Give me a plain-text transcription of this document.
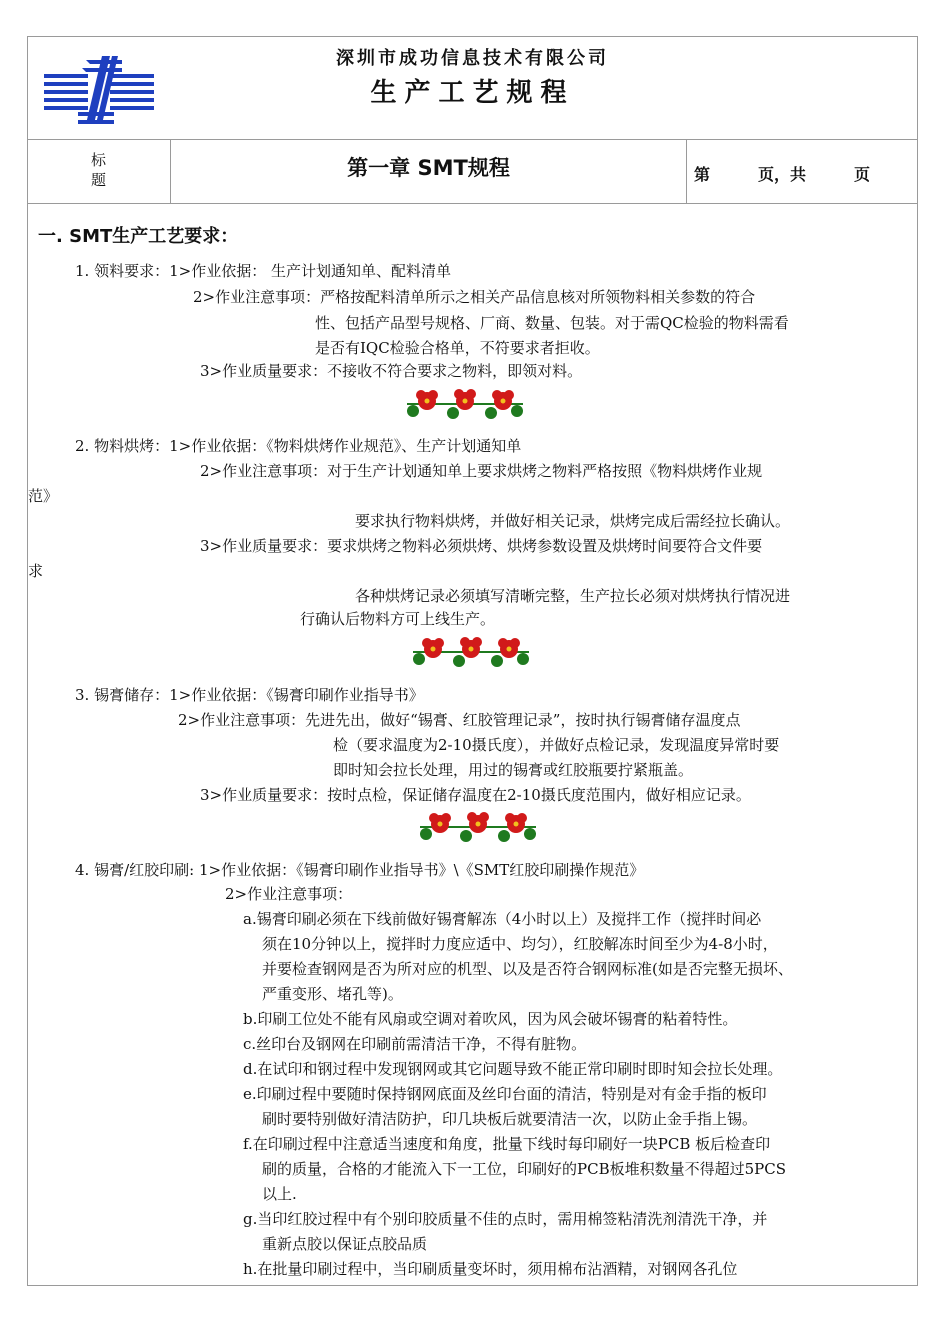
深圳市成功信息技术有限公司
生产工艺规程
标
题	第一章 SMT规程	第　　　页，共　　　页
一. SMT生产工艺要求：
1. 领料要求：1>作业依据： 生产计划通知单、配料清单
2>作业注意事项：严格按配料清单所示之相关产品信息核对所领物料相关参数的符合
性、包括产品型号规格、厂商、数量、包装。对于需QC检验的物料需看
是否有IQC检验合格单，不符要求者拒收。
3>作业质量要求：不接收不符合要求之物料，即领对料。
2. 物料烘烤：1>作业依据：《物料烘烤作业规范》、生产计划通知单
2>作业注意事项：对于生产计划通知单上要求烘烤之物料严格按照《物料烘烤作业规
范》
要求执行物料烘烤，并做好相关记录，烘烤完成后需经拉长确认。
3>作业质量要求：要求烘烤之物料必须烘烤、烘烤参数设置及烘烤时间要符合文件要
求
各种烘烤记录必须填写清晰完整，生产拉长必须对烘烤执行情况进
行确认后物料方可上线生产。
3. 锡膏储存：1>作业依据：《锡膏印刷作业指导书》
2>作业注意事项：先进先出，做好“锡膏、红胶管理记录”，按时执行锡膏储存温度点
检（要求温度为2-10摄氏度），并做好点检记录，发现温度异常时要
即时知会拉长处理，用过的锡膏或红胶瓶要拧紧瓶盖。
3>作业质量要求：按时点检，保证储存温度在2-10摄氏度范围内，做好相应记录。
4. 锡膏/红胶印刷: 1>作业依据：《锡膏印刷作业指导书》\《SMT红胶印刷操作规范》
2>作业注意事项：
a.锡膏印刷必须在下线前做好锡膏解冻（4小时以上）及搅拌工作（搅拌时间必
须在10分钟以上，搅拌时力度应适中、均匀），红胶解冻时间至少为4-8小时，
并要检查钢网是否为所对应的机型、以及是否符合钢网标准(如是否完整无损坏、
严重变形、堵孔等)。
b.印刷工位处不能有风扇或空调对着吹风，因为风会破坏锡膏的粘着特性。
c.丝印台及钢网在印刷前需清洁干净，不得有脏物。
d.在试印和钢过程中发现钢网或其它问题导致不能正常印刷时即时知会拉长处理。
e.印刷过程中要随时保持钢网底面及丝印台面的清洁，特别是对有金手指的板印
刷时要特别做好清洁防护，印几块板后就要清洁一次，以防止金手指上锡。
f.在印刷过程中注意适当速度和角度，批量下线时每印刷好一块PCB 板后检查印
刷的质量，合格的才能流入下一工位，印刷好的PCB板堆积数量不得超过5PCS
以上.
g.当印红胶过程中有个别印胶质量不佳的点时，需用棉签粘清洗剂清洗干净，并
重新点胶以保证点胶品质
h.在批量印刷过程中，当印刷质量变坏时，须用棉布沾酒精，对钢网各孔位
